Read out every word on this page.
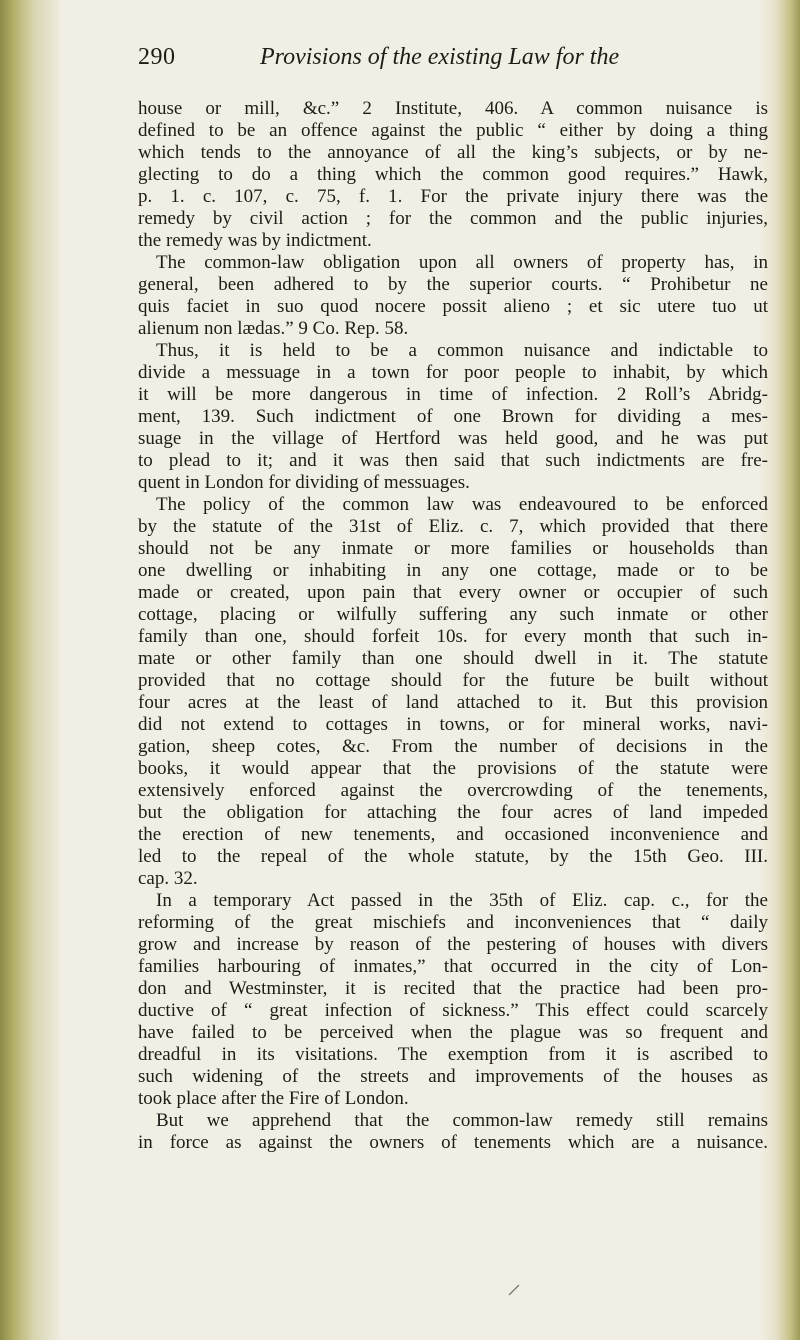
290	Provisions of the existing Law for the
house or mill, &c.” 2 Institute, 406. A common nuisance is
defined to be an offence against the public “ either by doing a thing
which tends to the annoyance of all the king’s subjects, or by ne-
glecting to do a thing which the common good requires.” Hawk,
p. 1. c. 107, c. 75, f. 1. For the private injury there was the
remedy by civil action ; for the common and the public injuries,
the remedy was by indictment.
The common-law obligation upon all owners of property has, in
general, been adhered to by the superior courts. “ Prohibetur ne
quis faciet in suo quod nocere possit alieno ; et sic utere tuo ut
alienum non lædas.” 9 Co. Rep. 58.
Thus, it is held to be a common nuisance and indictable to
divide a messuage in a town for poor people to inhabit, by which
it will be more dangerous in time of infection. 2 Roll’s Abridg-
ment, 139. Such indictment of one Brown for dividing a mes-
suage in the village of Hertford was held good, and he was put
to plead to it; and it was then said that such indictments are fre-
quent in London for dividing of messuages.
The policy of the common law was endeavoured to be enforced
by the statute of the 31st of Eliz. c. 7, which provided that there
should not be any inmate or more families or households than
one dwelling or inhabiting in any one cottage, made or to be
made or created, upon pain that every owner or occupier of such
cottage, placing or wilfully suffering any such inmate or other
family than one, should forfeit 10s. for every month that such in-
mate or other family than one should dwell in it. The statute
provided that no cottage should for the future be built without
four acres at the least of land attached to it. But this provision
did not extend to cottages in towns, or for mineral works, navi-
gation, sheep cotes, &c. From the number of decisions in the
books, it would appear that the provisions of the statute were
extensively enforced against the overcrowding of the tenements,
but the obligation for attaching the four acres of land impeded
the erection of new tenements, and occasioned inconvenience and
led to the repeal of the whole statute, by the 15th Geo. III.
cap. 32.
In a temporary Act passed in the 35th of Eliz. cap. c., for the
reforming of the great mischiefs and inconveniences that “ daily
grow and increase by reason of the pestering of houses with divers
families harbouring of inmates,” that occurred in the city of Lon-
don and Westminster, it is recited that the practice had been pro-
ductive of “ great infection of sickness.” This effect could scarcely
have failed to be perceived when the plague was so frequent and
dreadful in its visitations. The exemption from it is ascribed to
such widening of the streets and improvements of the houses as
took place after the Fire of London.
But we apprehend that the common-law remedy still remains
in force as against the owners of tenements which are a nuisance.
